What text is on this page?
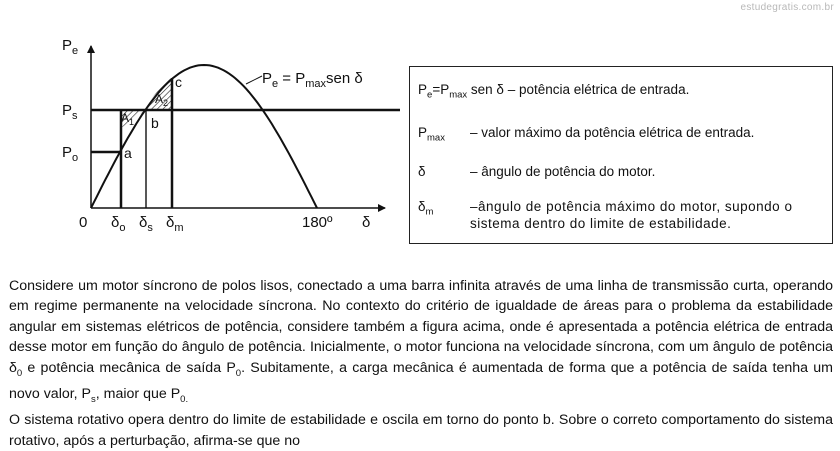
estudegratis.com.br
$P_e$
$P_s$
$P_o$
0 $\delta_o$ $\delta_s$ $\delta_m$	180º δ
a
b
c
$A_1$
$A_2$
$P_e = P_{max}sen$ δ
$P_e=P_{max}$ sen δ – potência elétrica de entrada.
$P_{max}$ – valor máximo da potência elétrica de entrada.
δ	– ângulo de potência do motor.
$\delta_m$	–ângulo de potência máximo do motor, supondo o sistema dentro do limite de estabilidade.

Considere um motor síncrono de polos lisos, conectado a uma barra infinita através de uma linha de transmissão curta, operando em regime permanente na velocidade síncrona. No contexto do critério de igualdade de áreas para o problema da estabilidade angular em sistemas elétricos de potência, considere também a figura acima, onde é apresentada a potência elétrica de entrada desse motor em função do ângulo de potência. Inicialmente, o motor funciona na velocidade síncrona, com um ângulo de potência $\delta_0$ e potência mecânica de saída $P_0$. Subitamente, a carga mecânica é aumentada de forma que a potência de saída tenha um novo valor, $P_s$, maior que $P_{0.}$

O sistema rotativo opera dentro do limite de estabilidade e oscila em torno do ponto b. Sobre o correto comportamento do sistema rotativo, após a perturbação, afirma-se que no
